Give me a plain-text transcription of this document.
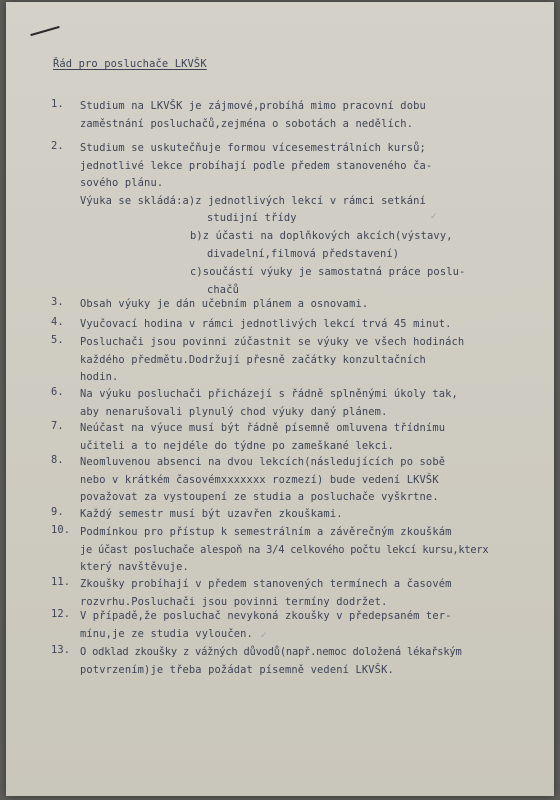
Řád pro posluchače LKVŠK
1.	Studium na LKVŠK je zájmové,probíhá mimo pracovní dobu
zaměstnání posluchačů,zejména o sobotách a nedělích.
2.	Studium se uskutečňuje formou vícesemestrálních kursů;
jednotlivé lekce probíhají podle předem stanoveného ča-
sového plánu.
Výuka se skládá:a)z jednotlivých lekcí v rámci setkání
studijní třídy
b)z účasti na doplňkových akcích(výstavy,
divadelní,filmová představení)
c)součástí výuky je samostatná práce poslu-
chačů
3.	Obsah výuky je dán učebním plánem a osnovami.
4.	Vyučovací hodina v rámci jednotlivých lekcí trvá 45 minut.
5.	Posluchači jsou povinni zúčastnit se výuky ve všech hodinách
každého předmětu.Dodržují přesně začátky konzultačních
hodin.
6.	Na výuku posluchači přicházejí s řádně splněnými úkoly tak,
aby nenarušovali plynulý chod výuky daný plánem.
7.	Neúčast na výuce musí být řádně písemně omluvena třídnímu
učiteli a to nejdéle do týdne po zameškané lekci.
8.	Neomluvenou absenci na dvou lekcích(následujících po sobě
nebo v krátkém časovémxxxxxxx rozmezí) bude vedení LKVŠK
považovat za vystoupení ze studia a posluchače vyškrtne.
9.	Každý semestr musí být uzavřen zkouškami.
10. Podmínkou pro přístup k semestrálním a závěrečným zkouškám
je účast posluchače alespoň na 3/4 celkového počtu lekcí kursu,kterx
který navštěvuje.
11. Zkoušky probíhají v předem stanovených termínech a časovém
rozvrhu.Posluchači jsou povinni termíny dodržet.
12. V případě,že posluchač nevykoná zkoušky v předepsaném ter-
mínu,je ze studia vyloučen.
13. O odklad zkoušky z vážných důvodů(např.nemoc doložená lékařským
potvrzením)je třeba požádat písemně vedení LKVŠK.
✓
✓
